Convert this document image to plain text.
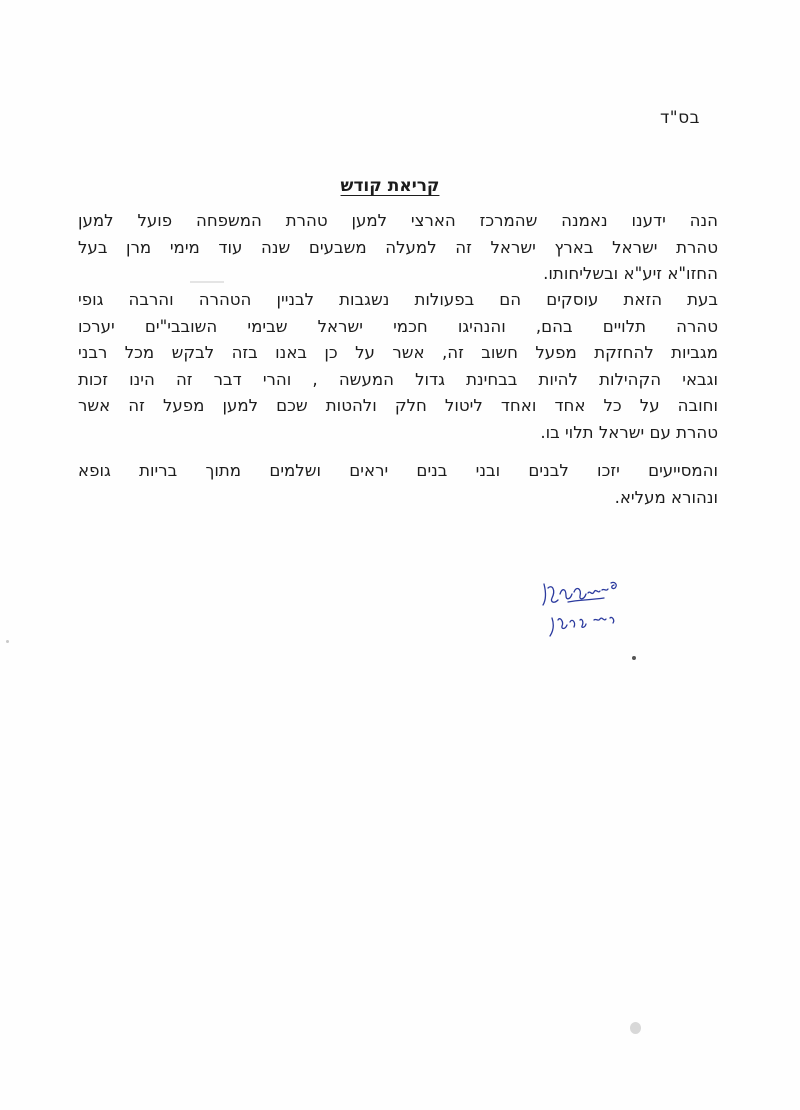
בס"ד
קריאת קודש
הנה ידענו נאמנה שהמרכז הארצי למען טהרת המשפחה פועל למען
טהרת ישראל בארץ ישראל זה למעלה משבעים שנה עוד מימי מרן בעל
החזו"א זיע"א ובשליחותו.
בעת הזאת עוסקים הם בפעולות נשגבות לבניין הטהרה והרבה גופי
טהרה תלויים בהם, והנהיגו חכמי ישראל שבימי השובבי"ים יערכו
מגביות להחזקת מפעל חשוב זה, אשר על כן באנו בזה לבקש מכל רבני
וגבאי הקהילות להיות בבחינת גדול המעשה , והרי דבר זה הינו זכות
וחובה על כל אחד ואחד ליטול חלק ולהטות שכם למען מפעל זה אשר
טהרת עם ישראל תלוי בו.
והמסייעים יזכו לבנים ובני בנים יראים ושלמים מתוך בריות גופא
ונהורא מעליא.
